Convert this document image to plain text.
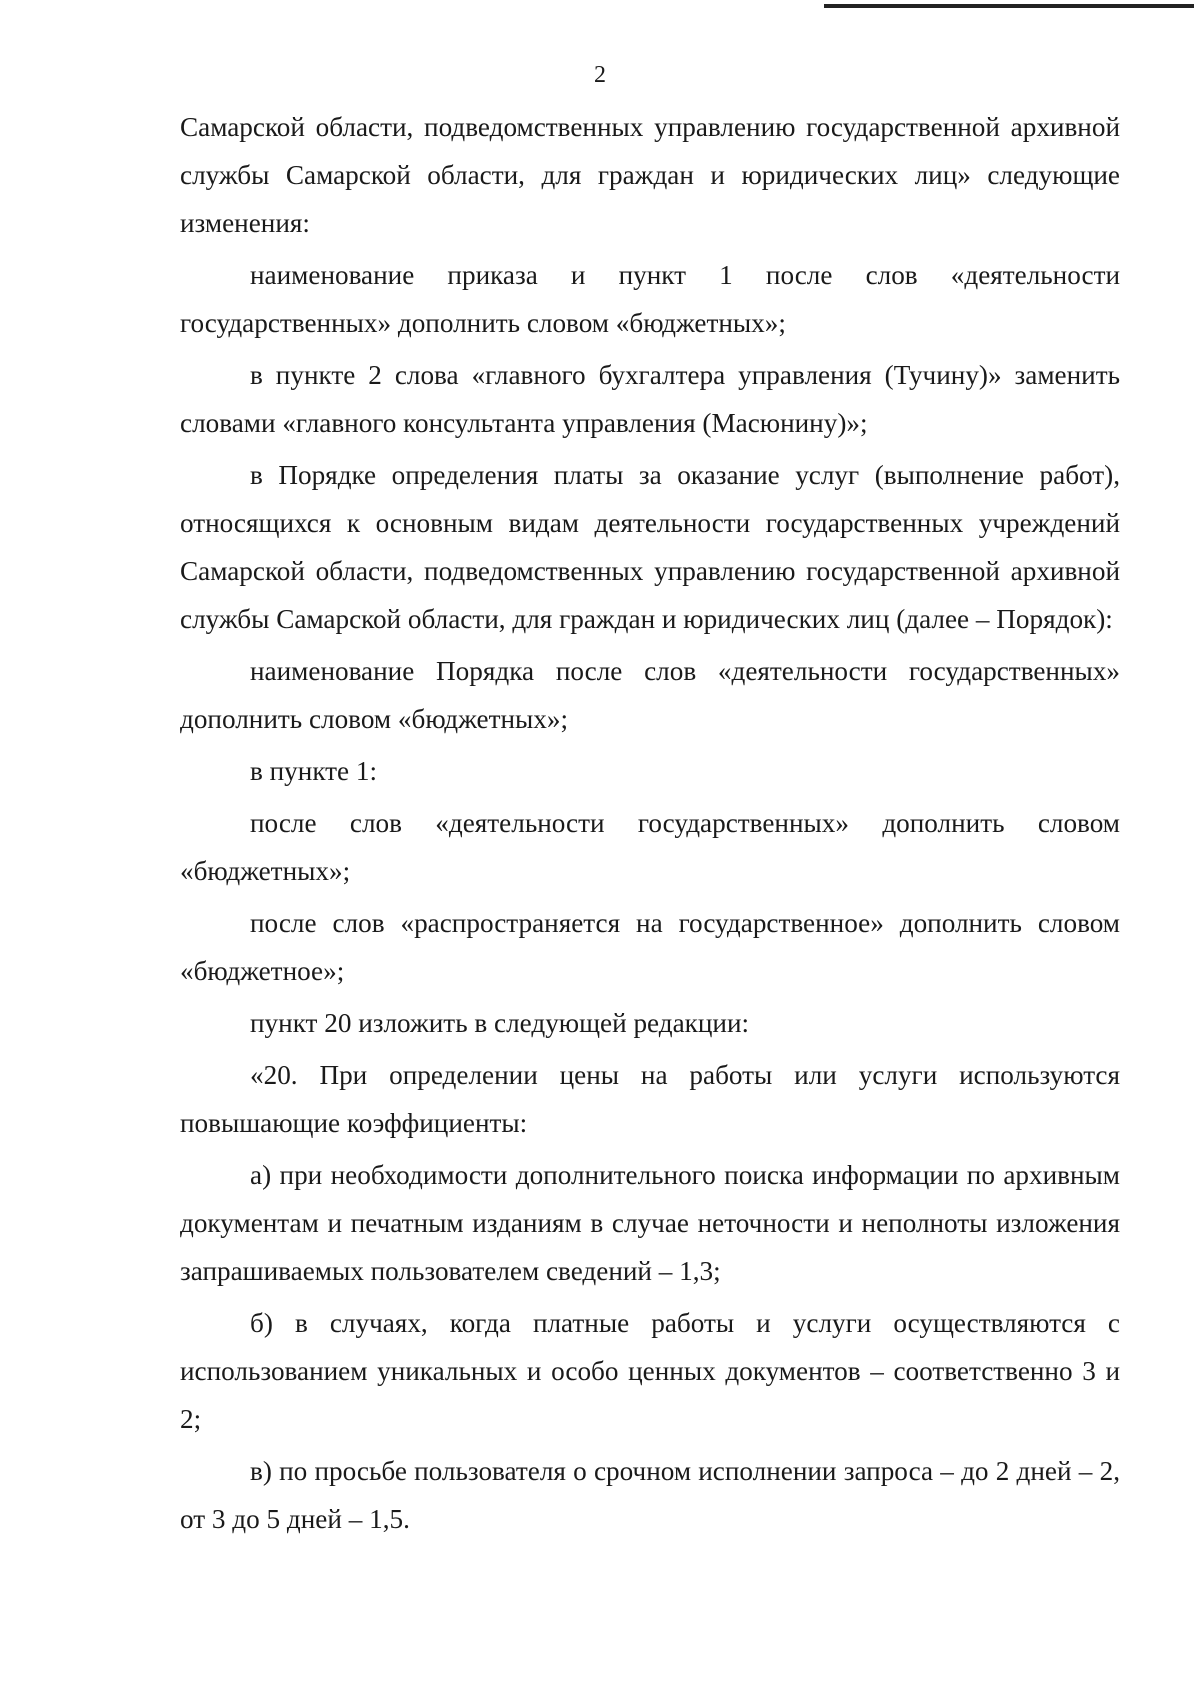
2

Самарской области, подведомственных управлению государственной архивной службы Самарской области, для граждан и юридических лиц» следующие изменения:

наименование приказа и пункт 1 после слов «деятельности государственных» дополнить словом «бюджетных»;

в пункте 2 слова «главного бухгалтера управления (Тучину)» заменить словами «главного консультанта управления (Масюнину)»;

в Порядке определения платы за оказание услуг (выполнение работ), относящихся к основным видам деятельности государственных учреждений Самарской области, подведомственных управлению государственной архивной службы Самарской области, для граждан и юридических лиц (далее – Порядок):

наименование Порядка после слов «деятельности государственных» дополнить словом «бюджетных»;

в пункте 1:

после слов «деятельности государственных» дополнить словом «бюджетных»;

после слов «распространяется на государственное» дополнить словом «бюджетное»;

пункт 20 изложить в следующей редакции:

«20. При определении цены на работы или услуги используются повышающие коэффициенты:

а) при необходимости дополнительного поиска информации по архивным документам и печатным изданиям в случае неточности и неполноты изложения запрашиваемых пользователем сведений – 1,3;

б) в случаях, когда платные работы и услуги осуществляются с использованием уникальных и особо ценных документов – соответственно 3 и 2;

в) по просьбе пользователя о срочном исполнении запроса – до 2 дней – 2, от 3 до 5 дней – 1,5.
